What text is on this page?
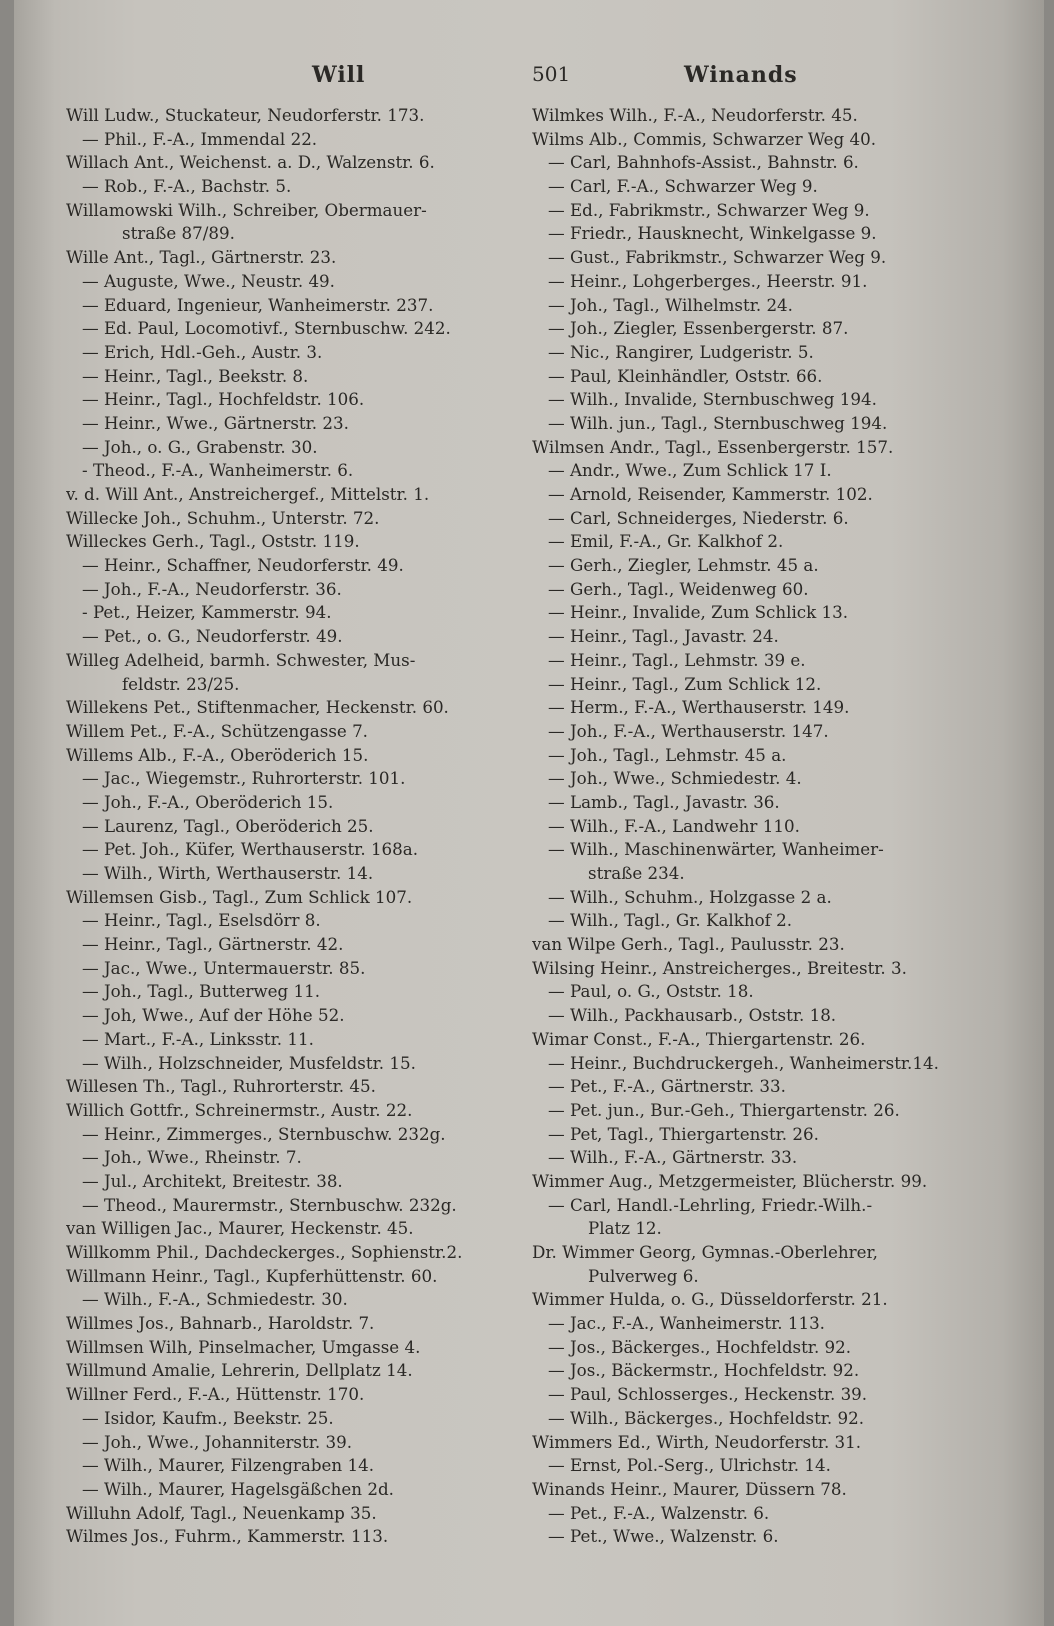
Will	501	Winands
Will Ludw., Stuckateur, Neudorferstr. 173.
— Phil., F.-A., Immendal 22.
Willach Ant., Weichenst. a. D., Walzenstr. 6.
— Rob., F.-A., Bachstr. 5.
Willamowski Wilh., Schreiber, Obermauer-
straße 87/89.
Wille Ant., Tagl., Gärtnerstr. 23.
— Auguste, Wwe., Neustr. 49.
— Eduard, Ingenieur, Wanheimerstr. 237.
— Ed. Paul, Locomotivf., Sternbuschw. 242.
— Erich, Hdl.-Geh., Austr. 3.
— Heinr., Tagl., Beekstr. 8.
— Heinr., Tagl., Hochfeldstr. 106.
— Heinr., Wwe., Gärtnerstr. 23.
— Joh., o. G., Grabenstr. 30.
- Theod., F.-A., Wanheimerstr. 6.
v. d. Will Ant., Anstreichergef., Mittelstr. 1.
Willecke Joh., Schuhm., Unterstr. 72.
Willeckes Gerh., Tagl., Oststr. 119.
— Heinr., Schaffner, Neudorferstr. 49.
— Joh., F.-A., Neudorferstr. 36.
- Pet., Heizer, Kammerstr. 94.
— Pet., o. G., Neudorferstr. 49.
Willeg Adelheid, barmh. Schwester, Mus-
feldstr. 23/25.
Willekens Pet., Stiftenmacher, Heckenstr. 60.
Willem Pet., F.-A., Schützengasse 7.
Willems Alb., F.-A., Oberöderich 15.
— Jac., Wiegemstr., Ruhrorterstr. 101.
— Joh., F.-A., Oberöderich 15.
— Laurenz, Tagl., Oberöderich 25.
— Pet. Joh., Küfer, Werthauserstr. 168a.
— Wilh., Wirth, Werthauserstr. 14.
Willemsen Gisb., Tagl., Zum Schlick 107.
— Heinr., Tagl., Eselsdörr 8.
— Heinr., Tagl., Gärtnerstr. 42.
— Jac., Wwe., Untermauerstr. 85.
— Joh., Tagl., Butterweg 11.
— Joh, Wwe., Auf der Höhe 52.
— Mart., F.-A., Linksstr. 11.
— Wilh., Holzschneider, Musfeldstr. 15.
Willesen Th., Tagl., Ruhrorterstr. 45.
Willich Gottfr., Schreinermstr., Austr. 22.
— Heinr., Zimmerges., Sternbuschw. 232g.
— Joh., Wwe., Rheinstr. 7.
— Jul., Architekt, Breitestr. 38.
— Theod., Maurermstr., Sternbuschw. 232g.
van Willigen Jac., Maurer, Heckenstr. 45.
Willkomm Phil., Dachdeckerges., Sophienstr.2.
Willmann Heinr., Tagl., Kupferhüttenstr. 60.
— Wilh., F.-A., Schmiedestr. 30.
Willmes Jos., Bahnarb., Haroldstr. 7.
Willmsen Wilh, Pinselmacher, Umgasse 4.
Willmund Amalie, Lehrerin, Dellplatz 14.
Willner Ferd., F.-A., Hüttenstr. 170.
— Isidor, Kaufm., Beekstr. 25.
— Joh., Wwe., Johanniterstr. 39.
— Wilh., Maurer, Filzengraben 14.
— Wilh., Maurer, Hagelsgäßchen 2d.
Willuhn Adolf, Tagl., Neuenkamp 35.
Wilmes Jos., Fuhrm., Kammerstr. 113.
Wilmkes Wilh., F.-A., Neudorferstr. 45.
Wilms Alb., Commis, Schwarzer Weg 40.
— Carl, Bahnhofs-Assist., Bahnstr. 6.
— Carl, F.-A., Schwarzer Weg 9.
— Ed., Fabrikmstr., Schwarzer Weg 9.
— Friedr., Hausknecht, Winkelgasse 9.
— Gust., Fabrikmstr., Schwarzer Weg 9.
— Heinr., Lohgerberges., Heerstr. 91.
— Joh., Tagl., Wilhelmstr. 24.
— Joh., Ziegler, Essenbergerstr. 87.
— Nic., Rangirer, Ludgeristr. 5.
— Paul, Kleinhändler, Oststr. 66.
— Wilh., Invalide, Sternbuschweg 194.
— Wilh. jun., Tagl., Sternbuschweg 194.
Wilmsen Andr., Tagl., Essenbergerstr. 157.
— Andr., Wwe., Zum Schlick 17 I.
— Arnold, Reisender, Kammerstr. 102.
— Carl, Schneiderges, Niederstr. 6.
— Emil, F.-A., Gr. Kalkhof 2.
— Gerh., Ziegler, Lehmstr. 45 a.
— Gerh., Tagl., Weidenweg 60.
— Heinr., Invalide, Zum Schlick 13.
— Heinr., Tagl., Javastr. 24.
— Heinr., Tagl., Lehmstr. 39 e.
— Heinr., Tagl., Zum Schlick 12.
— Herm., F.-A., Werthauserstr. 149.
— Joh., F.-A., Werthauserstr. 147.
— Joh., Tagl., Lehmstr. 45 a.
— Joh., Wwe., Schmiedestr. 4.
— Lamb., Tagl., Javastr. 36.
— Wilh., F.-A., Landwehr 110.
— Wilh., Maschinenwärter, Wanheimer-
straße 234.
— Wilh., Schuhm., Holzgasse 2 a.
— Wilh., Tagl., Gr. Kalkhof 2.
van Wilpe Gerh., Tagl., Paulusstr. 23.
Wilsing Heinr., Anstreicherges., Breitestr. 3.
— Paul, o. G., Oststr. 18.
— Wilh., Packhausarb., Oststr. 18.
Wimar Const., F.-A., Thiergartenstr. 26.
— Heinr., Buchdruckergeh., Wanheimerstr.14.
— Pet., F.-A., Gärtnerstr. 33.
— Pet. jun., Bur.-Geh., Thiergartenstr. 26.
— Pet, Tagl., Thiergartenstr. 26.
— Wilh., F.-A., Gärtnerstr. 33.
Wimmer Aug., Metzgermeister, Blücherstr. 99.
— Carl, Handl.-Lehrling, Friedr.-Wilh.-
Platz 12.
Dr. Wimmer Georg, Gymnas.-Oberlehrer,
Pulverweg 6.
Wimmer Hulda, o. G., Düsseldorferstr. 21.
— Jac., F.-A., Wanheimerstr. 113.
— Jos., Bäckerges., Hochfeldstr. 92.
— Jos., Bäckermstr., Hochfeldstr. 92.
— Paul, Schlosserges., Heckenstr. 39.
— Wilh., Bäckerges., Hochfeldstr. 92.
Wimmers Ed., Wirth, Neudorferstr. 31.
— Ernst, Pol.-Serg., Ulrichstr. 14.
Winands Heinr., Maurer, Düssern 78.
— Pet., F.-A., Walzenstr. 6.
— Pet., Wwe., Walzenstr. 6.
